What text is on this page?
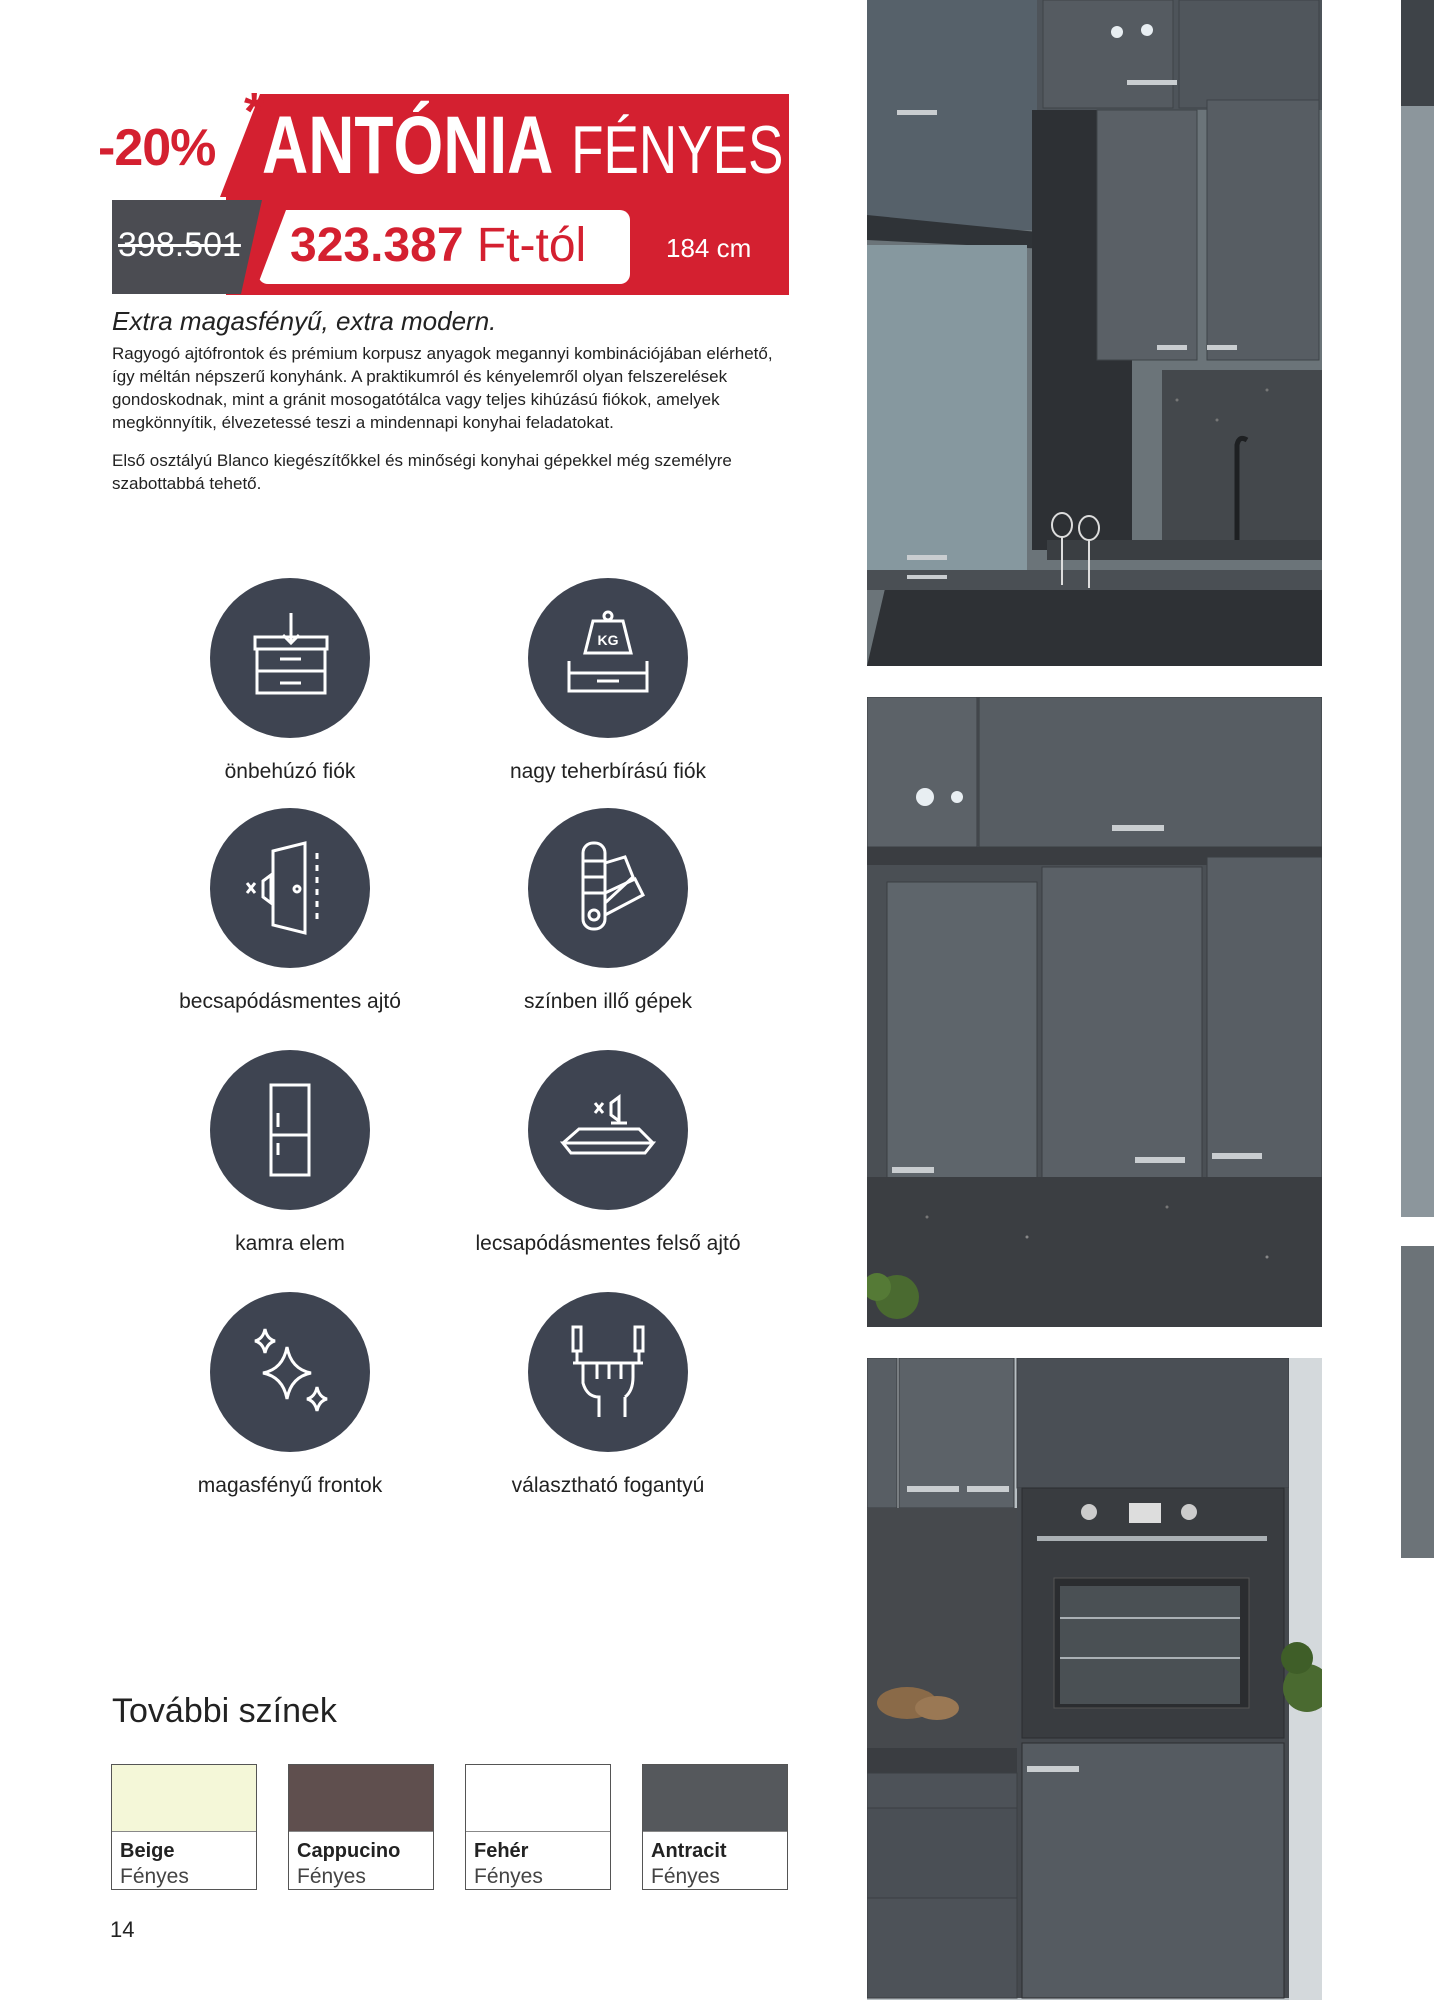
-20%
*
ANTÓNIA FÉNYES
398.501 323.387 Ft-tól	184 cm
Extra magasfényű, extra modern.

Ragyogó ajtófrontok és prémium korpusz anyagok megannyi kombinációjában elérhető, így méltán népszerű konyhánk. A praktikumról és kényelemről olyan felszerelések gondoskodnak, mint a gránit mosogatótálca vagy teljes kihúzású fiókok, amelyek megkönnyítik, élvezetessé teszi a mindennapi konyhai feladatokat.

Első osztályú Blanco kiegészítőkkel és minőségi konyhai gépekkel még személyre szabottabbá tehető.

önbehúzó fiók
KG
nagy teherbírású fiók
becsapódásmentes ajtó	színben illő gépek
kamra elem	lecsapódásmentes felső ajtó
magasfényű frontok	választható fogantyú
További színek
Beige
Fényes
Cappucino
Fényes
Fehér
Fényes
Antracit
Fényes
14
